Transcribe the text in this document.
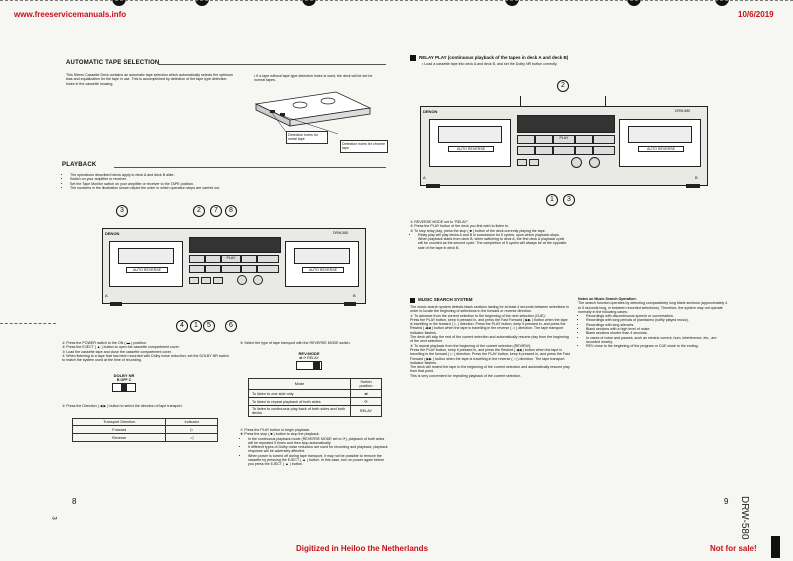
www.freeservicemanuals.info	10/6/2019
AUTOMATIC TAPE SELECTION
This Stereo Cassette Deck contains an automatic tape selection which automatically selects the optimum bias and equalization for the tape in use. This is accomplished by detection of the tape type detection holes in the cassette housing.
• If a tape without tape type detection holes is used, the deck will be set for normal tapes.
Detection holes for metal tape
Detection holes for chrome tape
PLAYBACK
• The operations described below apply to deck A and deck B alike.
• Switch on your amplifier or receiver.
• Set the Tape Monitor switch on your amplifier or receiver to the TAPE position.
• The numbers in the illustration shown depict the order in which operation steps are carried out.
3	2	7	8
DENON	DRW-580
AUTO REVERSE	AUTO REVERSE
PLAY
A	B
4	1	5	6
① Press the POWER switch to the ON ( ▬ ) position.
② Press the EJECT ( ▲ ) button to open the cassette compartment cover.
③ Load the cassette tape and close the cassette compartment cover.
④ When listening to a tape that has been recorded with Dolby noise reduction, set the DOLBY NR switch to match the system used at the time of recording.
DOLBY NR
B OFF C
⑤ Press the Direction ( ◀ ▶ ) button to select the direction of tape transport.
Transport Direction	Indicator
Forward	▷
Reverse	◁
⑥ Select the type of tape transport with the REVERSE MODE switch.
REV.MODE
⇄ ⟳ RELAY
Mode	Switch position
To listen to one side only	⇄
To listen to repeat playback of both sides	⟳
To listen to continuous play back of both sides and both decks	RELAY
⑦ Press the PLAY button to begin playback.
⑧ Press the stop ( ■ ) button to stop the playback.
• In the continuous playback mode (REVERSE MODE set to ⟳), playback of both sides will be repeated 5 times and then stop automatically.
• If different types of Dolby noise reduction are used for recording and playback, playback response will be adversely affected.
• When power is turned off during tape transport, it may not be possible to remove the cassette by pressing the EJECT ( ▲ ) button. In this case, turn on power again before you press the EJECT ( ▲ ) button.
8
3
RELAY PLAY (continuous playback of the tapes in deck A and deck B)
• Load a cassette tape into deck A and deck B, and set the Dolby NR button correctly.
2
DENON	DRW-580
AUTO REVERSE	AUTO REVERSE
PLAY
A	B
1	3
① REVERSE MODE set to "RELAY".
② Press the PLAY button of the deck you first wish to listen to.
③ To stop relay play, press the stop ( ■ ) button of the deck currently playing the tape.
• Relay play will play decks A and B in succession for 5 cycles, upon which playback stops. When playback starts from deck B, when switching to deck A, the first deck A playback cycle will be counted as the second cycle. The completion of 5 cycles will always be at the opposite side of the tape in deck B.
MUSIC SEARCH SYSTEM
The music search system detects blank sections lasting for at least 4 seconds between selections in order to locate the beginning of selections in the forward or reverse direction.
① To advance from the current selection to the beginning of the next selection (CUE):
Press the PLAY button, keep it pressed in, and press the Fast Forward ( ▶▶ ) button when the tape is travelling in the forward ( ▷ ) direction. Press the PLAY button, keep it pressed in, and press the Rewind ( ◀◀ ) button when the tape is travelling in the reverse ( ◁ ) direction. The tape transport indicator flashes.
The deck will skip the rest of the current selection and automatically resume play from the beginning of the next selection.
② To repeat playback from the beginning of the current selection (REVIEW):
Press the PLAY button, keep it pressed in, and press the Rewind ( ◀◀ ) button when the tape is travelling in the forward ( ▷ ) direction. Press the PLAY button, keep it pressed in, and press the Fast Forward ( ▶▶ ) button when the tape is travelling in the reverse ( ◁ ) direction. The tape transport indicator flashes.
The deck will rewind the tape to the beginning of the current selection and automatically resume play from that point.
This is very convenient for repeating playback of the current selection.
Notes on Music Search Operation:
The search function operates by detecting comparatively long blank sections (approximately 4 to 5 seconds long, in between recorded selections). Therefore, the system may not operate normally in the following cases:
• Recordings with discontinuous speech or conversation.
• Recordings with long periods of pianissimo (softly played music).
• Recordings with long silences.
• Blank sections with a high level of noise.
• Blank sections shorter than 4 seconds.
• In cases of noise and pauses, such as electric current, hum, interference, etc., are recorded nearby.
• REV close to the beginning of the program or CUE close to the ending.
9 DRW-580
Digitized in Heiloo the Netherlands	Not for sale!
